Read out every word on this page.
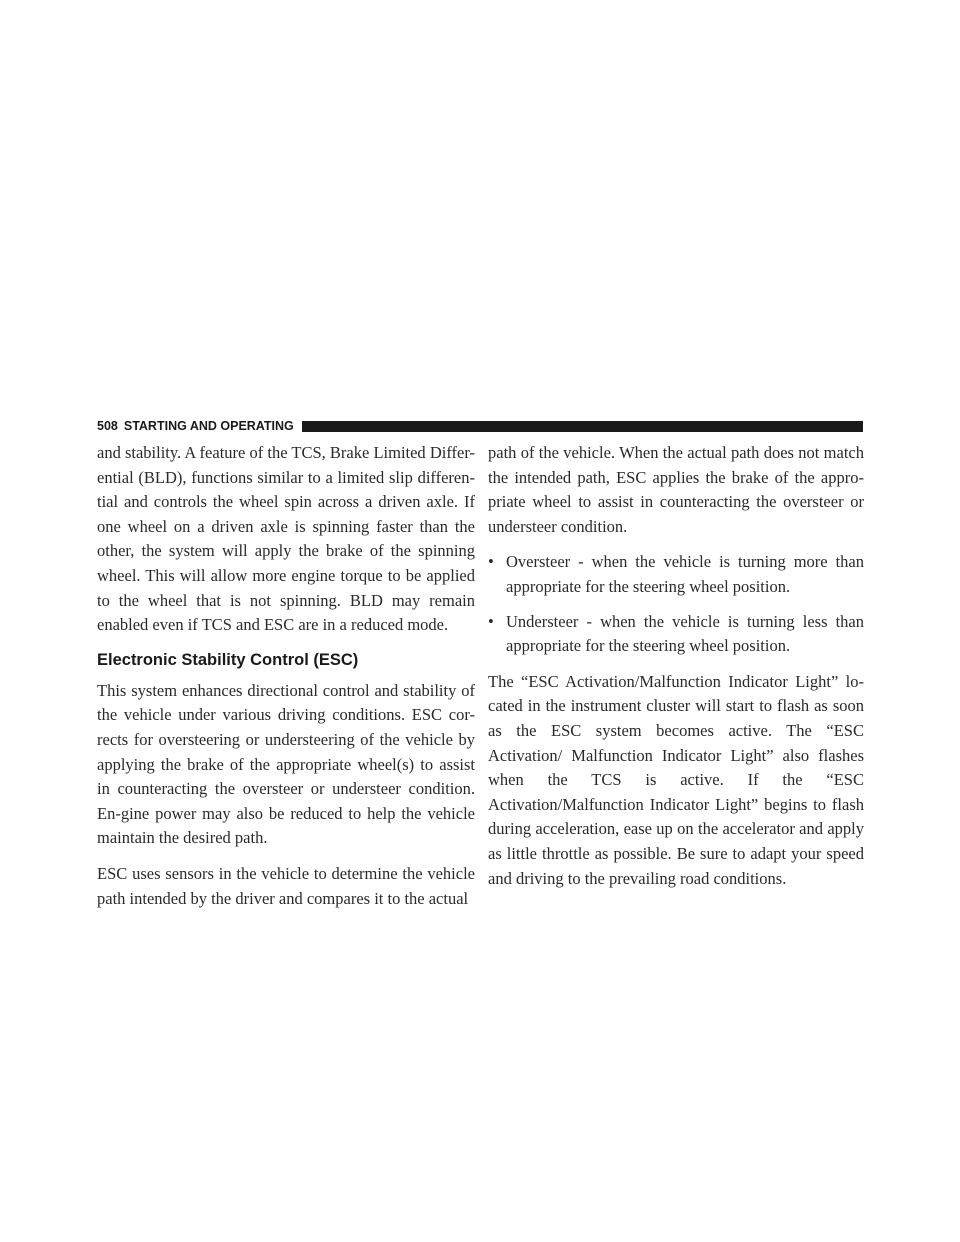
508 STARTING AND OPERATING

and stability. A feature of the TCS, Brake Limited Differ-ential (BLD), functions similar to a limited slip differen-tial and controls the wheel spin across a driven axle. If one wheel on a driven axle is spinning faster than the other, the system will apply the brake of the spinning wheel. This will allow more engine torque to be applied to the wheel that is not spinning. BLD may remain enabled even if TCS and ESC are in a reduced mode.

Electronic Stability Control (ESC)

This system enhances directional control and stability of the vehicle under various driving conditions. ESC cor-rects for oversteering or understeering of the vehicle by applying the brake of the appropriate wheel(s) to assist in counteracting the oversteer or understeer condition. En-gine power may also be reduced to help the vehicle maintain the desired path.

ESC uses sensors in the vehicle to determine the vehicle path intended by the driver and compares it to the actual

path of the vehicle. When the actual path does not match the intended path, ESC applies the brake of the appro-priate wheel to assist in counteracting the oversteer or understeer condition.

• Oversteer - when the vehicle is turning more than appropriate for the steering wheel position.
• Understeer - when the vehicle is turning less than appropriate for the steering wheel position.

The “ESC Activation/Malfunction Indicator Light” lo-cated in the instrument cluster will start to flash as soon as the ESC system becomes active. The “ESC Activation/ Malfunction Indicator Light” also flashes when the TCS is active. If the “ESC Activation/Malfunction Indicator Light” begins to flash during acceleration, ease up on the accelerator and apply as little throttle as possible. Be sure to adapt your speed and driving to the prevailing road conditions.
